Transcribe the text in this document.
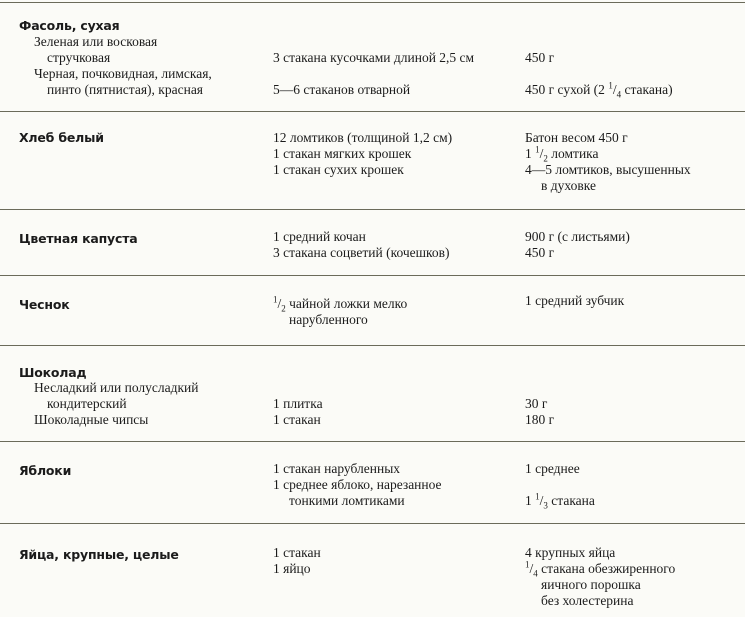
Фасоль, сухая
Зеленая или восковая
стручковая	3 стакана кусочками длиной 2,5 см	450 г
Черная, почковидная, лимская,
пинто (пятнистая), красная	5—6 стаканов отварной	450 г сухой (2 $^1/_4$ стакана)
Хлеб белый	12 ломтиков (толщиной 1,2 см)	Батон весом 450 г
1 стакан мягких крошек	1 $^1/_2$ ломтика
1 стакан сухих крошек	4—5 ломтиков, высушенных
в духовке
Цветная капуста	1 средний кочан	900 г (с листьями)
3 стакана соцветий (кочешков)	450 г
Чеснок	$^1/_2$ чайной ложки мелко	1 средний зубчик
нарубленного
Шоколад
Несладкий или полусладкий
кондитерский	1 плитка	30 г
Шоколадные чипсы	1 стакан	180 г
Яблоки	1 стакан нарубленных	1 среднее
1 среднее яблоко, нарезанное
тонкими ломтиками	1 $^1/_3$ стакана
Яйца, крупные, целые	1 стакан	4 крупных яйца
1 яйцо	$^1/_4$ стакана обезжиренного
яичного порошка
без холестерина
